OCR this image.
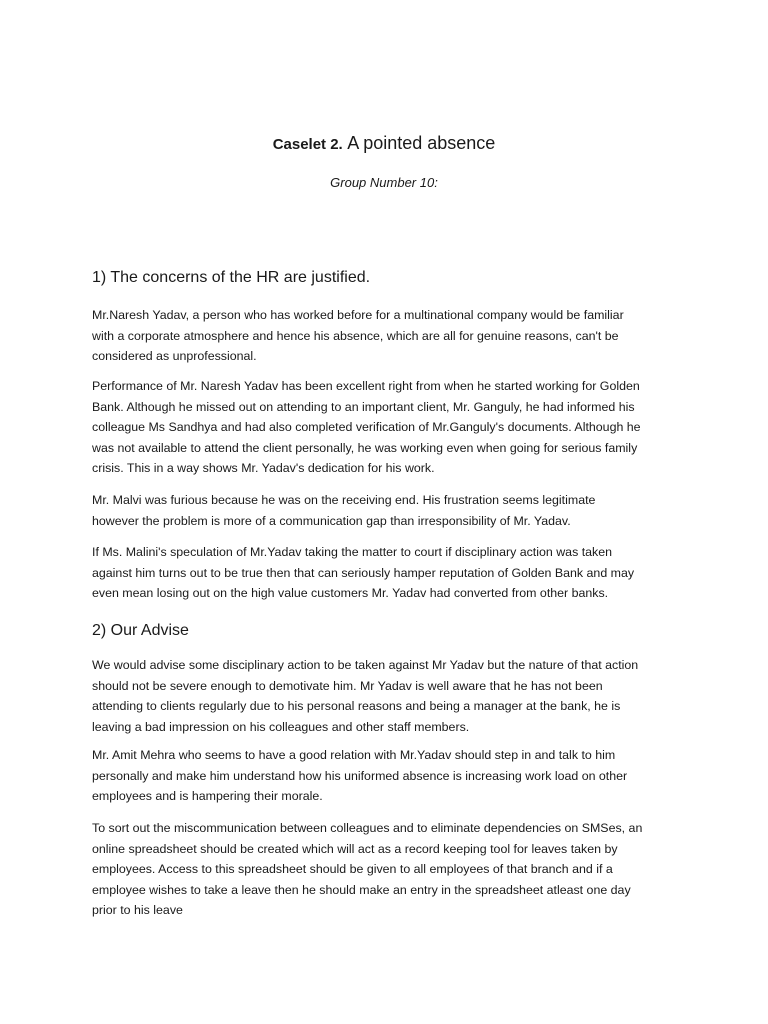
Caselet 2. A pointed absence
Group Number 10:
1) The concerns of the HR are justified.
Mr.Naresh Yadav, a person who has worked before for a multinational company would be familiar
with a corporate atmosphere and hence his absence, which are all for genuine reasons, can't be
considered as unprofessional.
Performance of Mr. Naresh Yadav has been excellent right from when he started working for Golden
Bank. Although he missed out on attending to an important client, Mr. Ganguly, he had informed his
colleague Ms Sandhya and had also completed verification of Mr.Ganguly's documents. Although he
was not available to attend the client personally, he was working even when going for serious family
crisis. This in a way shows Mr. Yadav's dedication for his work.
Mr. Malvi was furious because he was on the receiving end. His frustration seems legitimate
however the problem is more of a communication gap than irresponsibility of Mr. Yadav.
If Ms. Malini's speculation of Mr.Yadav taking the matter to court if disciplinary action was taken
against him turns out to be true then that can seriously hamper reputation of Golden Bank and may
even mean losing out on the high value customers Mr. Yadav had converted from other banks.
2) Our Advise
We would advise some disciplinary action to be taken against Mr Yadav but the nature of that action
should not be severe enough to demotivate him. Mr Yadav is well aware that he has not been
attending to clients regularly due to his personal reasons and being a manager at the bank, he is
leaving a bad impression on his colleagues and other staff members.
Mr. Amit Mehra who seems to have a good relation with Mr.Yadav should step in and talk to him
personally and make him understand how his uniformed absence is increasing work load on other
employees and is hampering their morale.
To sort out the miscommunication between colleagues and to eliminate dependencies on SMSes, an
online spreadsheet should be created which will act as a record keeping tool for leaves taken by
employees. Access to this spreadsheet should be given to all employees of that branch and if a
employee wishes to take a leave then he should make an entry in the spreadsheet atleast one day
prior to his leave
